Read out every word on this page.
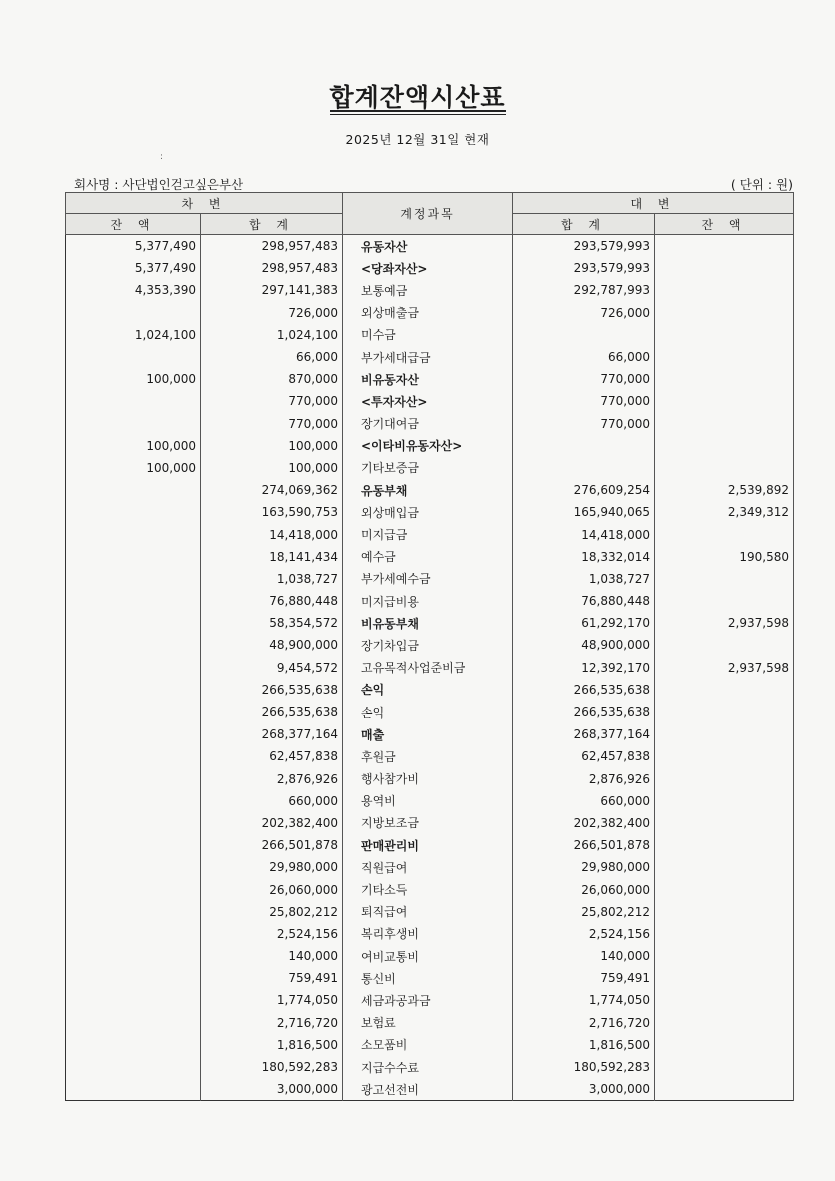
합계잔액시산표
2025년 12월 31일 현재
:
회사명 : 사단법인걷고싶은부산	( 단위 : 원)
차 변		계정과목	대 변	
잔 액	합 계		합 계	잔 액
5,377,490	298,957,483	유동자산	293,579,993	
5,377,490	298,957,483	<당좌자산>	293,579,993	
4,353,390	297,141,383	보통예금	292,787,993	
	726,000	외상매출금	726,000	
1,024,100	1,024,100	미수금		
	66,000	부가세대급금	66,000	
100,000	870,000	비유동자산	770,000	
	770,000	<투자자산>	770,000	
	770,000	장기대여금	770,000	
100,000	100,000	<이타비유동자산>		
100,000	100,000	기타보증금		
	274,069,362	유동부채	276,609,254	2,539,892
	163,590,753	외상매입금	165,940,065	2,349,312
	14,418,000	미지급금	14,418,000	
	18,141,434	예수금	18,332,014	190,580
	1,038,727	부가세예수금	1,038,727	
	76,880,448	미지급비용	76,880,448	
	58,354,572	비유동부채	61,292,170	2,937,598
	48,900,000	장기차입금	48,900,000	
	9,454,572	고유목적사업준비금	12,392,170	2,937,598
	266,535,638	손익	266,535,638	
	266,535,638	손익	266,535,638	
	268,377,164	매출	268,377,164	
	62,457,838	후원금	62,457,838	
	2,876,926	행사참가비	2,876,926	
	660,000	용역비	660,000	
	202,382,400	지방보조금	202,382,400	
	266,501,878	판매관리비	266,501,878	
	29,980,000	직원급여	29,980,000	
	26,060,000	기타소득	26,060,000	
	25,802,212	퇴직급여	25,802,212	
	2,524,156	복리후생비	2,524,156	
	140,000	여비교통비	140,000	
	759,491	통신비	759,491	
	1,774,050	세금과공과금	1,774,050	
	2,716,720	보험료	2,716,720	
	1,816,500	소모품비	1,816,500	
	180,592,283	지급수수료	180,592,283	
	3,000,000	광고선전비	3,000,000	
